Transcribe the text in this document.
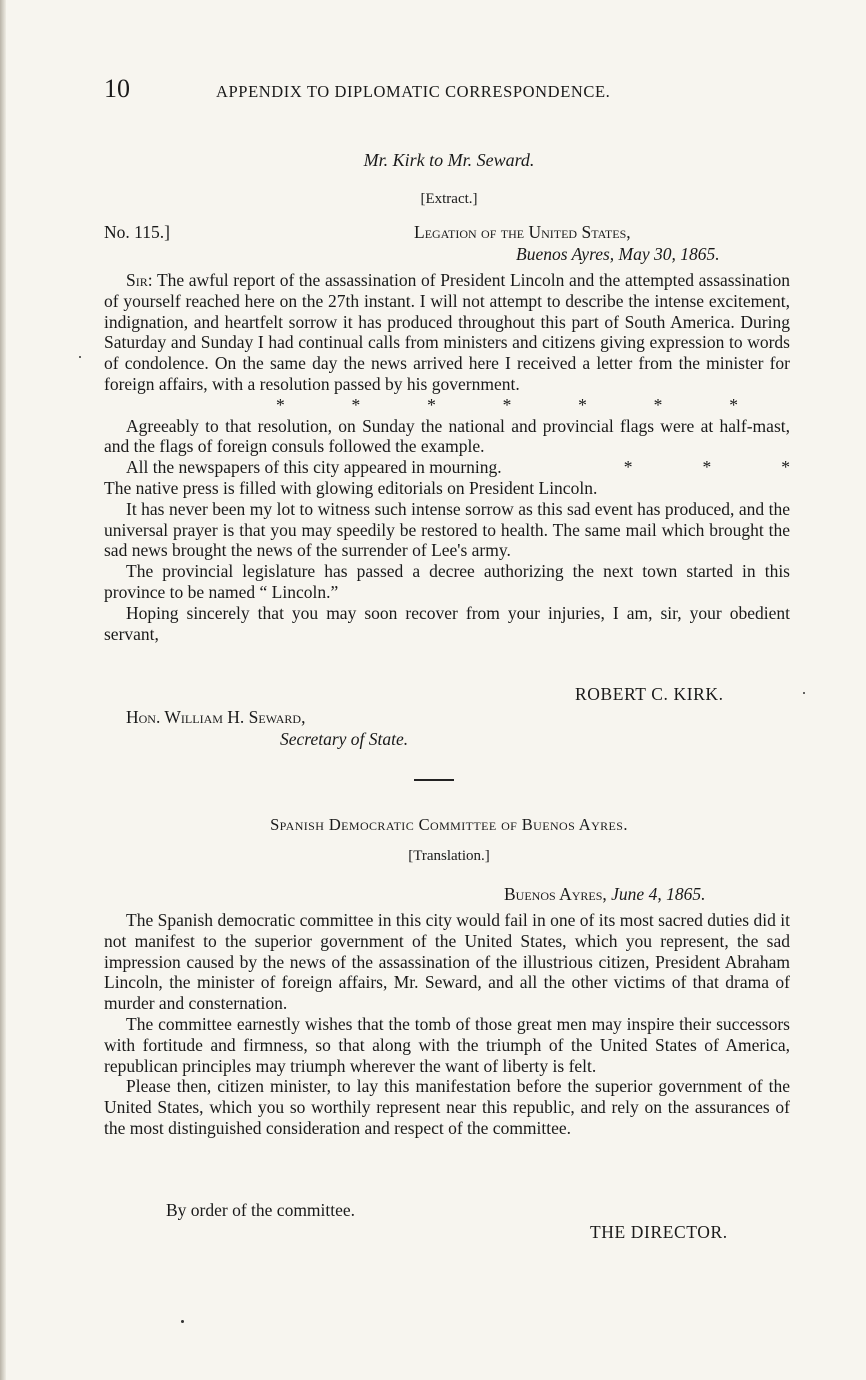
10	APPENDIX TO DIPLOMATIC CORRESPONDENCE.
Mr. Kirk to Mr. Seward.
[Extract.]
No. 115.]	Legation of the United States,
Buenos Ayres, May 30, 1865.

Sir: The awful report of the assassination of President Lincoln and the attempted assassination of yourself reached here on the 27th instant. I will not attempt to describe the intense excitement, indignation, and heartfelt sorrow it has produced throughout this part of South America. During Saturday and Sunday I had continual calls from ministers and citizens giving expression to words of condolence. On the same day the news arrived here I received a letter from the minister for foreign affairs, with a resolution passed by his government.

*	*	*	*	*	*	*

Agreeably to that resolution, on Sunday the national and provincial flags were at half-mast, and the flags of foreign consuls followed the example.

All the newspapers of this city appeared in mourning.	*	*	*

The native press is filled with glowing editorials on President Lincoln.

It has never been my lot to witness such intense sorrow as this sad event has produced, and the universal prayer is that you may speedily be restored to health. The same mail which brought the sad news brought the news of the surrender of Lee's army.

The provincial legislature has passed a decree authorizing the next town started in this province to be named “ Lincoln.”

Hoping sincerely that you may soon recover from your injuries, I am, sir, your obedient servant,

ROBERT C. KIRK.
Hon. William H. Seward,
Secretary of State.
Spanish Democratic Committee of Buenos Ayres.
[Translation.]
Buenos Ayres, June 4, 1865.

The Spanish democratic committee in this city would fail in one of its most sacred duties did it not manifest to the superior government of the United States, which you represent, the sad impression caused by the news of the assassination of the illustrious citizen, President Abraham Lincoln, the minister of foreign affairs, Mr. Seward, and all the other victims of that drama of murder and consternation.

The committee earnestly wishes that the tomb of those great men may inspire their successors with fortitude and firmness, so that along with the triumph of the United States of America, republican principles may triumph wherever the want of liberty is felt.

Please then, citizen minister, to lay this manifestation before the superior government of the United States, which you so worthily represent near this republic, and rely on the assurances of the most distinguished consideration and respect of the committee.

By order of the committee.
THE DIRECTOR.
